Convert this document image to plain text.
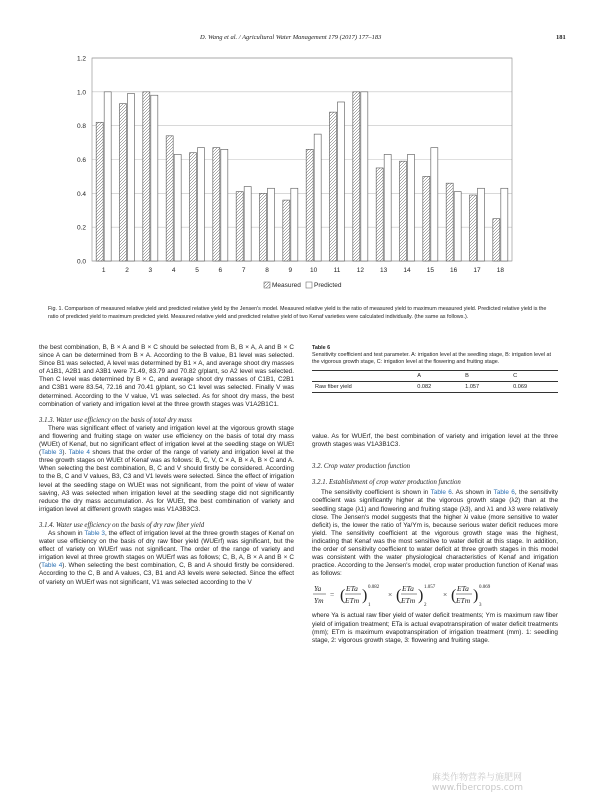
D. Wang et al. / Agricultural Water Management 179 (2017) 177–183	181
0.0
0.2
0.4
0.6
0.8
1.0
1.2
1	2	3	4	5	6	7	8	9	10	11	12 13 14 15 16 17 18
Measured Predicted
Fig. 1. Comparison of measured relative yield and predicted relative yield by the Jensen's model. Measured relative yield is the ratio of measured yield to maximum measured yield. Predicted relative yield is the ratio of predicted yield to maximum predicted yield. Measured relative yield and predicted relative yield of two Kenaf varieties were calculated individually. (the same as follows.).

the best combination, B, B × A and B × C should be selected from B, B × A, A and B × C since A can be determined from B × A. According to the B value, B1 level was selected. Since B1 was selected, A level was determined by B1 × A, and average shoot dry masses of A1B1, A2B1 and A3B1 were 71.49, 83.79 and 70.82 g/plant, so A2 level was selected. Then C level was determined by B × C, and average shoot dry masses of C1B1, C2B1 and C3B1 were 83.54, 72.16 and 70.41 g/plant, so C1 level was selected. Finally V was determined. According to the V value, V1 was selected. As for shoot dry mass, the best combination of variety and irrigation level at the three growth stages was V1A2B1C1.

3.1.3. Water use efficiency on the basis of total dry mass

There was significant effect of variety and irrigation level at the vigorous growth stage and flowering and fruiting stage on water use efficiency on the basis of total dry mass (WUEt) of Kenaf, but no significant effect of irrigation level at the seedling stage on WUEt (Table 3). Table 4 shows that the order of the range of variety and irrigation level at the three growth stages on WUEt of Kenaf was as follows: B, C, V, C × A, B × A, B × C and A. When selecting the best combination, B, C and V should firstly be considered. According to the B, C and V values, B3, C3 and V1 levels were selected. Since the effect of irrigation level at the seedling stage on WUEt was not significant, from the point of view of water saving, A3 was selected when irrigation level at the seedling stage did not significantly reduce the dry mass accumulation. As for WUEt, the best combination of variety and irrigation level at different growth stages was V1A3B3C3.

3.1.4. Water use efficiency on the basis of dry raw fiber yield

As shown in Table 3, the effect of irrigation level at the three growth stages of Kenaf on water use efficiency on the basis of dry raw fiber yield (WUErf) was significant, but the effect of variety on WUErf was not significant. The order of the range of variety and irrigation level at three growth stages on WUErf was as follows; C, B, A, B × A and B × C (Table 4). When selecting the best combination, C, B and A should firstly be considered. According to the C, B and A values, C3, B1 and A3 levels were selected. Since the effect of variety on WUErf was not significant, V1 was selected according to the V

Table 6
Sensitivity coefficient and test parameter. A: irrigation level at the seedling stage, B: irrigation level at the vigorous growth stage, C: irrigation level at the flowering and fruiting stage.
	A	B	C
Raw fiber yield	0.082	1.057	0.069

value. As for WUErf, the best combination of variety and irrigation level at the three growth stages was V1A3B1C3.

3.2. Crop water production function
3.2.1. Establishment of crop water production function

The sensitivity coefficient is shown in Table 6. As shown in Table 6, the sensitivity coefficient was significantly higher at the vigorous growth stage (λ2) than at the seedling stage (λ1) and flowering and fruiting stage (λ3), and λ1 and λ3 were relatively close. The Jensen's model suggests that the higher λi value (more sensitive to water deficit) is, the lower the ratio of Ya/Ym is, because serious water deficit reduces more yield. The sensitivity coefficient at the vigorous growth stage was the highest, indicating that Kenaf was the most sensitive to water deficit at this stage. In addition, the order of sensitivity coefficient to water deficit at three growth stages in this model was consistent with the water physiological characteristics of Kenaf and irrigation practice. According to the Jensen's model, crop water production function of Kenaf was as follows:

Ya
Ym
= ( ETa
ETm ) 0.082
1
× ( ETa
ETm ) 1.057
2
× ( ETa
ETm ) 0.069
3

where Ya is actual raw fiber yield of water deficit treatments; Ym is maximum raw fiber yield of irrigation treatment; ETa is actual evapotranspiration of water deficit treatments (mm); ETm is maximum evapotranspiration of irrigation treatment (mm). 1: seedling stage, 2: vigorous growth stage, 3: flowering and fruiting stage.

麻类作物营养与施肥网 www.fibercrops.com
